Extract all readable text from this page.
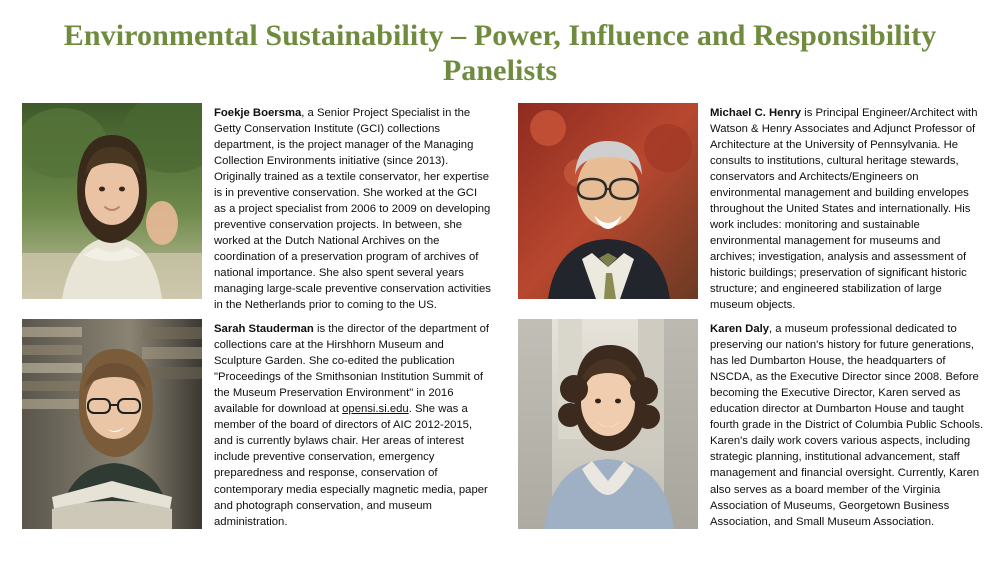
Environmental Sustainability – Power, Influence and Responsibility
Panelists
Foekje Boersma, a Senior Project Specialist in the Getty Conservation Institute (GCI) collections department, is the project manager of the Managing Collection Environments initiative (since 2013). Originally trained as a textile conservator, her expertise is in preventive conservation. She worked at the GCI as a project specialist from 2006 to 2009 on developing preventive conservation projects. In between, she worked at the Dutch National Archives on the coordination of a preservation program of archives of national importance. She also spent several years managing large-scale preventive conservation activities in the Netherlands prior to coming to the US.
Michael C. Henry is Principal Engineer/Architect with Watson & Henry Associates and Adjunct Professor of Architecture at the University of Pennsylvania. He consults to institutions, cultural heritage stewards, conservators and Architects/Engineers on environmental management and building envelopes throughout the United States and internationally. His work includes: monitoring and sustainable environmental management for museums and archives; investigation, analysis and assessment of historic buildings; preservation of significant historic structure; and engineered stabilization of large museum objects.
Sarah Stauderman is the director of the department of collections care at the Hirshhorn Museum and Sculpture Garden. She co-edited the publication "Proceedings of the Smithsonian Institution Summit of the Museum Preservation Environment" in 2016 available for download at opensi.si.edu. She was a member of the board of directors of AIC 2012-2015, and is currently bylaws chair. Her areas of interest include preventive conservation, emergency preparedness and response, conservation of contemporary media especially magnetic media, paper and photograph conservation, and museum administration.
Karen Daly, a museum professional dedicated to preserving our nation's history for future generations, has led Dumbarton House, the headquarters of NSCDA, as the Executive Director since 2008. Before becoming the Executive Director, Karen served as education director at Dumbarton House and taught fourth grade in the District of Columbia Public Schools. Karen's daily work covers various aspects, including strategic planning, institutional advancement, staff management and financial oversight. Currently, Karen also serves as a board member of the Virginia Association of Museums, Georgetown Business Association, and Small Museum Association.
